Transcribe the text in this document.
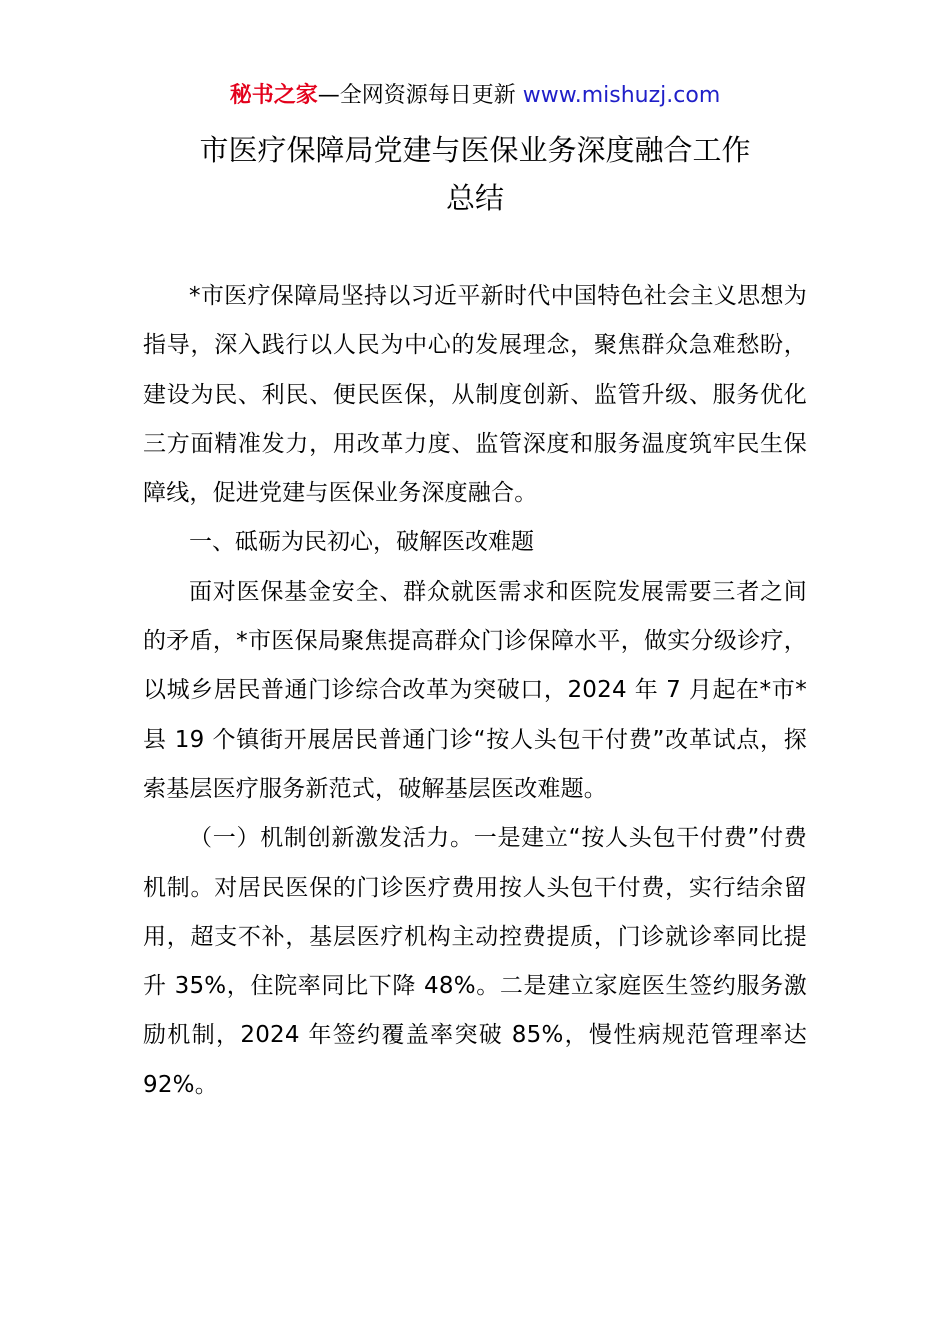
秘书之家—全网资源每日更新 www.mishuzj.com
市医疗保障局党建与医保业务深度融合工作
总结

*市医疗保障局坚持以习近平新时代中国特色社会主义思想为指导，深入践行以人民为中心的发展理念，聚焦群众急难愁盼，建设为民、利民、便民医保，从制度创新、监管升级、服务优化三方面精准发力，用改革力度、监管深度和服务温度筑牢民生保障线，促进党建与医保业务深度融合。

一、砥砺为民初心，破解医改难题

面对医保基金安全、群众就医需求和医院发展需要三者之间的矛盾，*市医保局聚焦提高群众门诊保障水平，做实分级诊疗，以城乡居民普通门诊综合改革为突破口，2024 年 7 月起在*市*县 19 个镇街开展居民普通门诊“按人头包干付费”改革试点，探索基层医疗服务新范式，破解基层医改难题。

（一）机制创新激发活力。一是建立“按人头包干付费”付费机制。对居民医保的门诊医疗费用按人头包干付费，实行结余留用，超支不补，基层医疗机构主动控费提质，门诊就诊率同比提升 35%，住院率同比下降 48%。二是建立家庭医生签约服务激励机制，2024 年签约覆盖率突破 85%，慢性病规范管理率达 92%。
